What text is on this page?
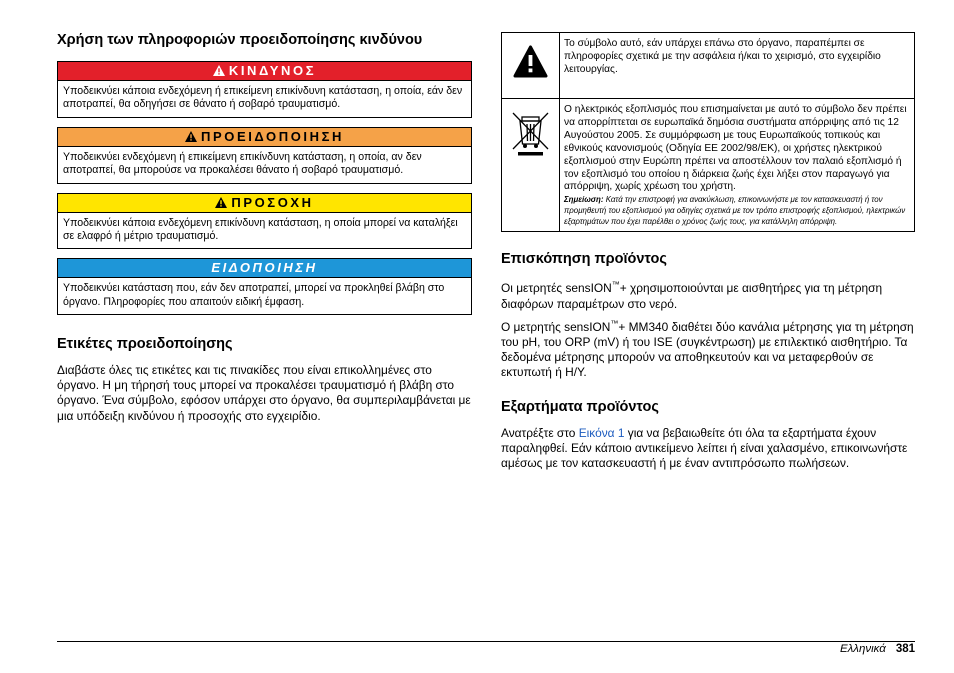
Χρήση των πληροφοριών προειδοποίησης κινδύνου
ΚΙΝΔΥΝΟΣ
Υποδεικνύει κάποια ενδεχόμενη ή επικείμενη επικίνδυνη κατάσταση, η οποία, εάν δεν αποτραπεί, θα οδηγήσει σε θάνατο ή σοβαρό τραυματισμό.
ΠΡΟΕΙΔΟΠΟΙΗΣΗ
Υποδεικνύει ενδεχόμενη ή επικείμενη επικίνδυνη κατάσταση, η οποία, αν δεν αποτραπεί, θα μπορούσε να προκαλέσει θάνατο ή σοβαρό τραυματισμό.
ΠΡΟΣΟΧΗ
Υποδεικνύει κάποια ενδεχόμενη επικίνδυνη κατάσταση, η οποία μπορεί να καταλήξει σε ελαφρό ή μέτριο τραυματισμό.
ΕΙΔΟΠΟΙΗΣΗ
Υποδεικνύει κατάσταση που, εάν δεν αποτραπεί, μπορεί να προκληθεί βλάβη στο όργανο. Πληροφορίες που απαιτούν ειδική έμφαση.
Ετικέτες προειδοποίησης

Διαβάστε όλες τις ετικέτες και τις πινακίδες που είναι επικολλημένες στο όργανο. Η μη τήρησή τους μπορεί να προκαλέσει τραυματισμό ή βλάβη στο όργανο. Ένα σύμβολο, εφόσον υπάρχει στο όργανο, θα συμπεριλαμβάνεται με μια υπόδειξη κινδύνου ή προσοχής στο εγχειρίδιο.

	Το σύμβολο αυτό, εάν υπάρχει επάνω στο όργανο, παραπέμπει σε πληροφορίες σχετικά με την ασφάλεια ή/και το χειρισμό, στο εγχειρίδιο λειτουργίας.

Ο ηλεκτρικός εξοπλισμός που επισημαίνεται με αυτό το σύμβολο δεν πρέπει να απορρίπτεται σε ευρωπαϊκά δημόσια συστήματα απόρριψης από τις 12 Αυγούστου 2005. Σε συμμόρφωση με τους Ευρωπαϊκούς τοπικούς και εθνικούς κανονισμούς (Οδηγία ΕΕ 2002/98/ΕΚ), οι χρήστες ηλεκτρικού εξοπλισμού στην Ευρώπη πρέπει να αποστέλλουν τον παλαιό εξοπλισμό ή τον εξοπλισμό του οποίου η διάρκεια ζωής έχει λήξει στον παραγωγό για απόρριψη, χωρίς χρέωση του χρήστη.
Σημείωση: Κατά την επιστροφή για ανακύκλωση, επικοινωνήστε με τον κατασκευαστή ή τον προμηθευτή του εξοπλισμού για οδηγίες σχετικά με τον τρόπο επιστροφής εξοπλισμού, ηλεκτρικών εξαρτημάτων που έχει παρέλθει ο χρόνος ζωής τους, για κατάλληλη απόρριψη.
Επισκόπηση προϊόντος

Οι μετρητές sensION™+ χρησιμοποιούνται με αισθητήρες για τη μέτρηση διαφόρων παραμέτρων στο νερό.

Ο μετρητής sensION™+ MM340 διαθέτει δύο κανάλια μέτρησης για τη μέτρηση του pH, του ORP (mV) ή του ISE (συγκέντρωση) με επιλεκτικό αισθητήριο. Τα δεδομένα μέτρησης μπορούν να αποθηκευτούν και να μεταφερθούν σε εκτυπωτή ή Η/Υ.

Εξαρτήματα προϊόντος

Ανατρέξτε στο Εικόνα 1 για να βεβαιωθείτε ότι όλα τα εξαρτήματα έχουν παραληφθεί. Εάν κάποιο αντικείμενο λείπει ή είναι χαλασμένο, επικοινωνήστε αμέσως με τον κατασκευαστή ή με έναν αντιπρόσωπο πωλήσεων.

Ελληνικά 381
